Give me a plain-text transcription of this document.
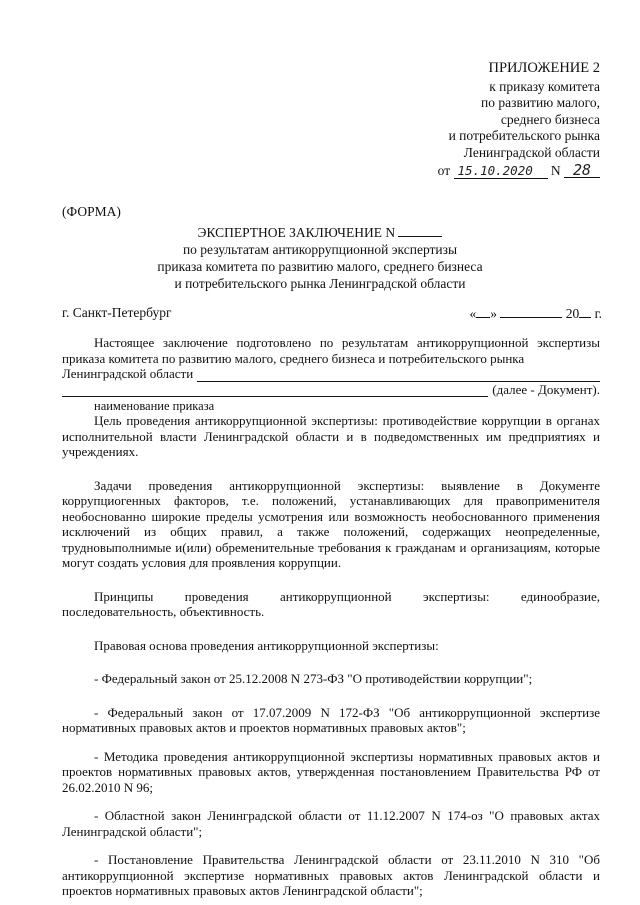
ПРИЛОЖЕНИЕ 2
к приказу комитета
по развитию малого,
среднего бизнеса
и потребительского рынка
Ленинградской области
от 15.10.2020 N 28
(ФОРМА)
ЭКСПЕРТНОЕ ЗАКЛЮЧЕНИЕ N
по результатам антикоррупционной экспертизы
приказа комитета по развитию малого, среднего бизнеса
и потребительского рынка Ленинградской области
г. Санкт-Петербург	« »	20 г.

Настоящее заключение подготовлено по результатам антикоррупционной экспертизы приказа комитета по развитию малого, среднего бизнеса и потребительского рынка

Ленинградской области
(далее - Документ).
наименование приказа

Цель проведения антикоррупционной экспертизы: противодействие коррупции в органах исполнительной власти Ленинградской области и в подведомственных им предприятиях и учреждениях.

Задачи проведения антикоррупционной экспертизы: выявление в Документе коррупциогенных факторов, т.е. положений, устанавливающих для правоприменителя необоснованно широкие пределы усмотрения или возможность необоснованного применения исключений из общих правил, а также положений, содержащих неопределенные, трудновыполнимые и(или) обременительные требования к гражданам и организациям, которые могут создать условия для проявления коррупции.

Принципы проведения антикоррупционной экспертизы: единообразие, последовательность, объективность.

Правовая основа проведения антикоррупционной экспертизы:

- Федеральный закон от 25.12.2008 N 273-ФЗ "О противодействии коррупции";

- Федеральный закон от 17.07.2009 N 172-ФЗ "Об антикоррупционной экспертизе нормативных правовых актов и проектов нормативных правовых актов";

- Методика проведения антикоррупционной экспертизы нормативных правовых актов и проектов нормативных правовых актов, утвержденная постановлением Правительства РФ от 26.02.2010 N 96;

- Областной закон Ленинградской области от 11.12.2007 N 174-оз "О правовых актах Ленинградской области";

- Постановление Правительства Ленинградской области от 23.11.2010 N 310 "Об антикоррупционной экспертизе нормативных правовых актов Ленинградской области и проектов нормативных правовых актов Ленинградской области";
